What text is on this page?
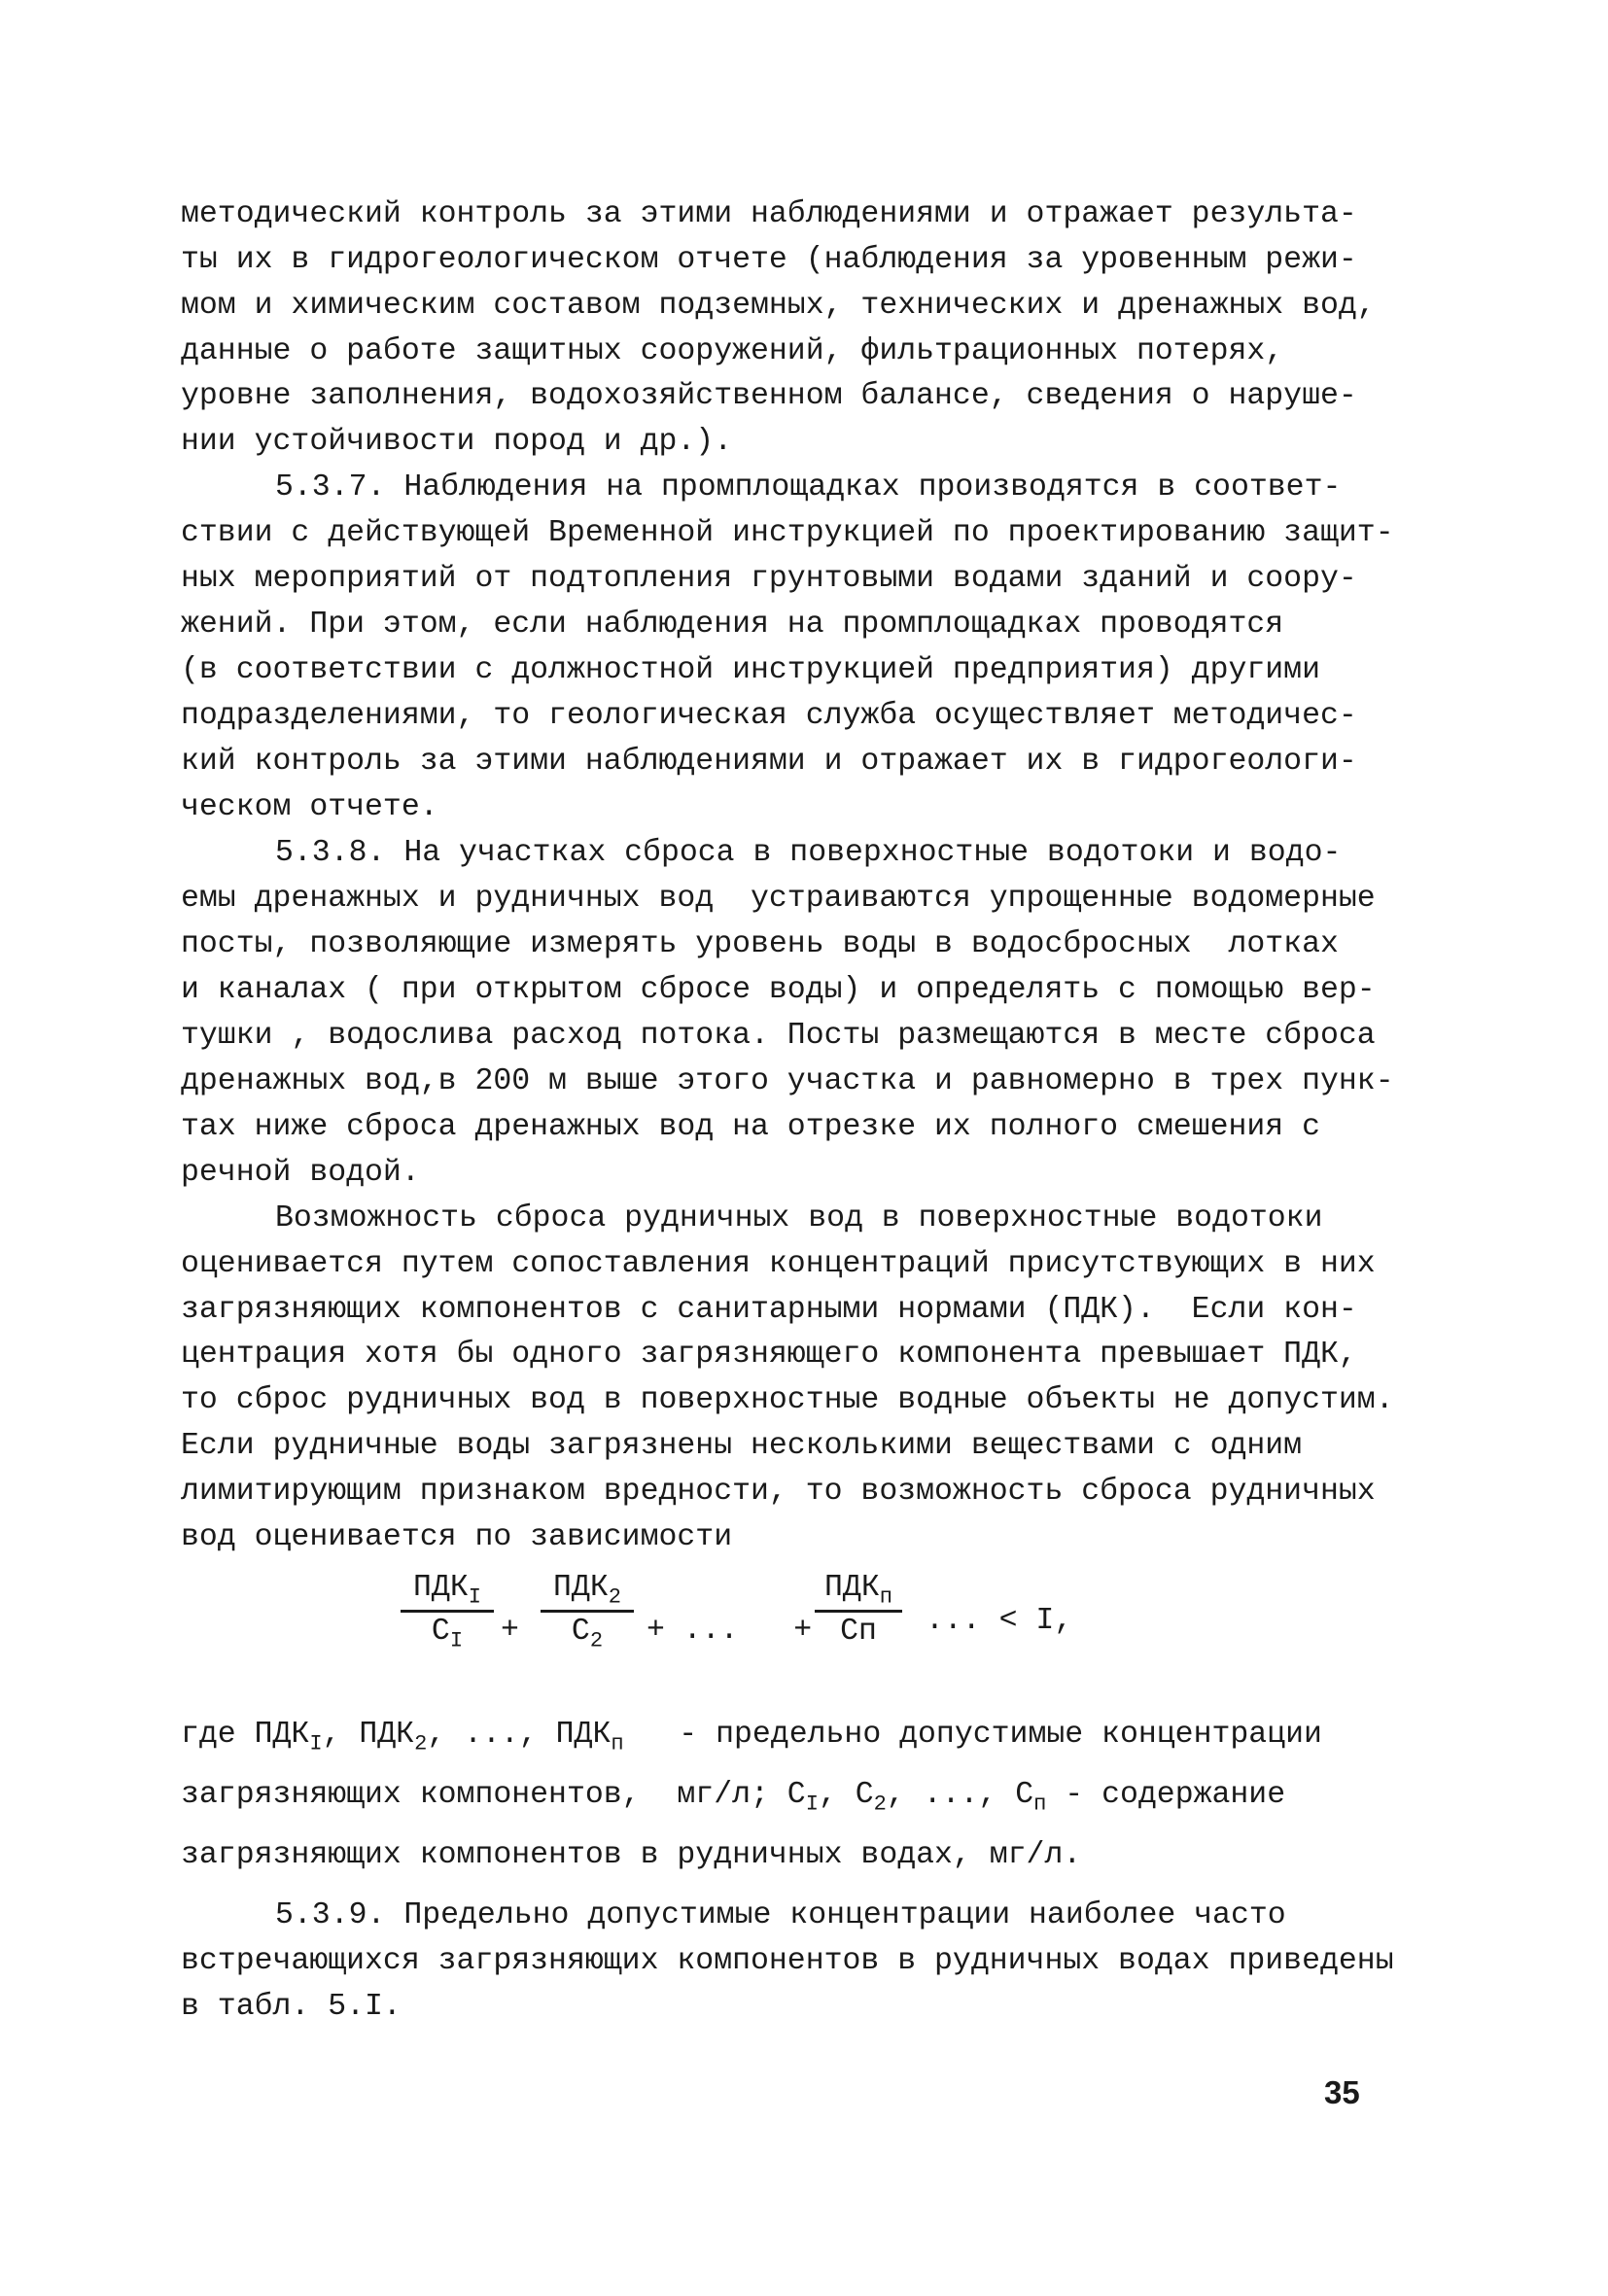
методический контроль за этими наблюдениями и отражает результа-

ты их в гидрогеологическом отчете (наблюдения за уровенным режи-

мом и химическим составом подземных, технических и дренажных вод,

данные о работе защитных сооружений, фильтрационных потерях,

уровне заполнения, водохозяйственном балансе, сведения о наруше-

нии устойчивости пород и др.).

5.3.7. Наблюдения на промплощадках производятся в соответ-

ствии с действующей Временной инструкцией по проектированию защит-

ных мероприятий от подтопления грунтовыми водами зданий и соору-

жений. При этом, если наблюдения на промплощадках проводятся

(в соответствии с должностной инструкцией предприятия) другими

подразделениями, то геологическая служба осуществляет методичес-

кий контроль за этими наблюдениями и отражает их в гидрогеологи-

ческом отчете.

5.3.8. На участках сброса в поверхностные водотоки и водо-

емы дренажных и рудничных вод  устраиваются упрощенные водомерные

посты, позволяющие измерять уровень воды в водосбросных  лотках

и каналах ( при открытом сбросе воды) и определять с помощью вер-

тушки , водослива расход потока. Посты размещаются в месте сброса

дренажных вод,в 200 м выше этого участка и равномерно в трех пунк-

тах ниже сброса дренажных вод на отрезке их полного смешения с

речной водой.

Возможность сброса рудничных вод в поверхностные водотоки

оценивается путем сопоставления концентраций присутствующих в них

загрязняющих компонентов с санитарными нормами (ПДК).  Если кон-

центрация хотя бы одного загрязняющего компонента превышает ПДК,

то сброс рудничных вод в поверхностные водные объекты не допустим.

Если рудничные воды загрязнены несколькими веществами с одним

лимитирующим признаком вредности, то возможность сброса рудничных

вод оценивается по зависимости

$ПДК_I$
$C_I$	+
$ПДК_2$
$C_2$	+ ...   +
$ПДК_п$
Cп	... < I,

где $ПДК_I$, $ПДК_2$, ..., $ПДК_п$   - предельно допустимые концентрации

загрязняющих компонентов,  мг/л; $С_I$, $С_2$, ..., $С_п$ - содержание

загрязняющих компонентов в рудничных водах, мг/л.

5.3.9. Предельно допустимые концентрации наиболее часто

встречающихся загрязняющих компонентов в рудничных водах приведены

в табл. 5.I.

35
